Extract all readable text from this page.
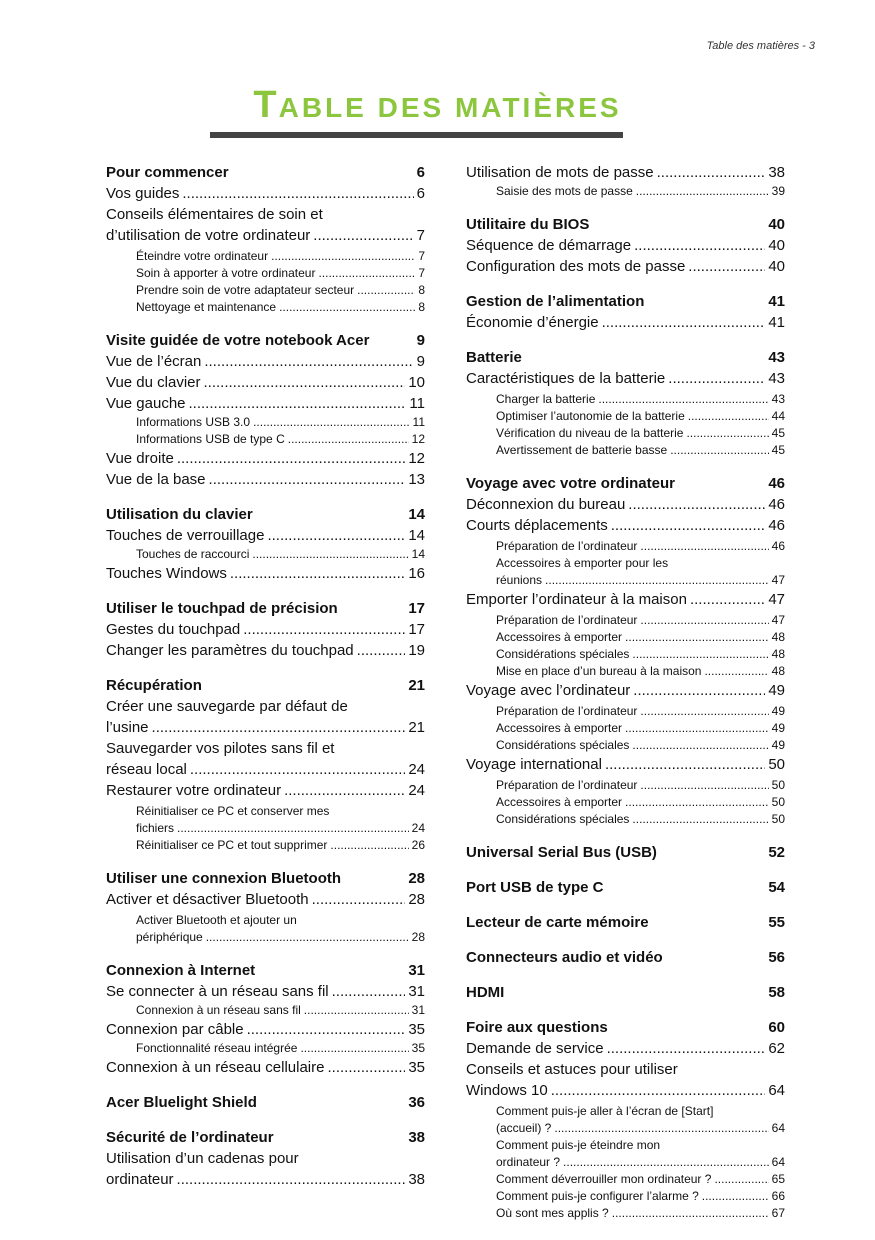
Table des matières - 3
TABLE DES MATIÈRES
Pour commencer	6
Vos guides .....	6
Conseils élémentaires de soin et
d’utilisation de votre ordinateur .....	7
Éteindre votre ordinateur .....	7
Soin à apporter à votre ordinateur .....	7
Prendre soin de votre adaptateur secteur .....	8
Nettoyage et maintenance .....	8
Visite guidée de votre notebook Acer	9
Vue de l’écran .....	9
Vue du clavier .....	10
Vue gauche .....	11
Informations USB 3.0 .....	11
Informations USB de type C .....	12
Vue droite .....	12
Vue de la base .....	13
Utilisation du clavier	14
Touches de verrouillage .....	14
Touches de raccourci .....	14
Touches Windows .....	16
Utiliser le touchpad de précision	17
Gestes du touchpad .....	17
Changer les paramètres du touchpad .....	19
Récupération	21
Créer une sauvegarde par défaut de
l’usine .....	21
Sauvegarder vos pilotes sans fil et
réseau local .....	24
Restaurer votre ordinateur .....	24
Réinitialiser ce PC et conserver mes
fichiers .....	24
Réinitialiser ce PC et tout supprimer .....	26
Utiliser une connexion Bluetooth	28
Activer et désactiver Bluetooth .....	28
Activer Bluetooth et ajouter un
périphérique .....	28
Connexion à Internet	31
Se connecter à un réseau sans fil .....	31
Connexion à un réseau sans fil .....	31
Connexion par câble .....	35
Fonctionnalité réseau intégrée .....	35
Connexion à un réseau cellulaire .....	35
Acer Bluelight Shield	36
Sécurité de l’ordinateur	38
Utilisation d’un cadenas pour
ordinateur .....	38
Utilisation de mots de passe .....	38
Saisie des mots de passe .....	39
Utilitaire du BIOS	40
Séquence de démarrage .....	40
Configuration des mots de passe .....	40
Gestion de l’alimentation	41
Économie d’énergie .....	41
Batterie	43
Caractéristiques de la batterie .....	43
Charger la batterie .....	43
Optimiser l’autonomie de la batterie .....	44
Vérification du niveau de la batterie .....	45
Avertissement de batterie basse .....	45
Voyage avec votre ordinateur	46
Déconnexion du bureau .....	46
Courts déplacements .....	46
Préparation de l’ordinateur .....	46
Accessoires à emporter pour les
réunions .....	47
Emporter l’ordinateur à la maison .....	47
Préparation de l’ordinateur .....	47
Accessoires à emporter .....	48
Considérations spéciales .....	48
Mise en place d’un bureau à la maison .....	48
Voyage avec l’ordinateur .....	49
Préparation de l’ordinateur .....	49
Accessoires à emporter .....	49
Considérations spéciales .....	49
Voyage international .....	50
Préparation de l’ordinateur .....	50
Accessoires à emporter .....	50
Considérations spéciales .....	50
Universal Serial Bus (USB)	52
Port USB de type C	54
Lecteur de carte mémoire	55
Connecteurs audio et vidéo	56
HDMI	58
Foire aux questions	60
Demande de service .....	62
Conseils et astuces pour utiliser
Windows 10 .....	64
Comment puis-je aller à l’écran de [Start]
(accueil) ? .....	64
Comment puis-je éteindre mon
ordinateur ? .....	64
Comment déverrouiller mon ordinateur ? .....	65
Comment puis-je configurer l’alarme ? .....	66
Où sont mes applis ? .....	67
